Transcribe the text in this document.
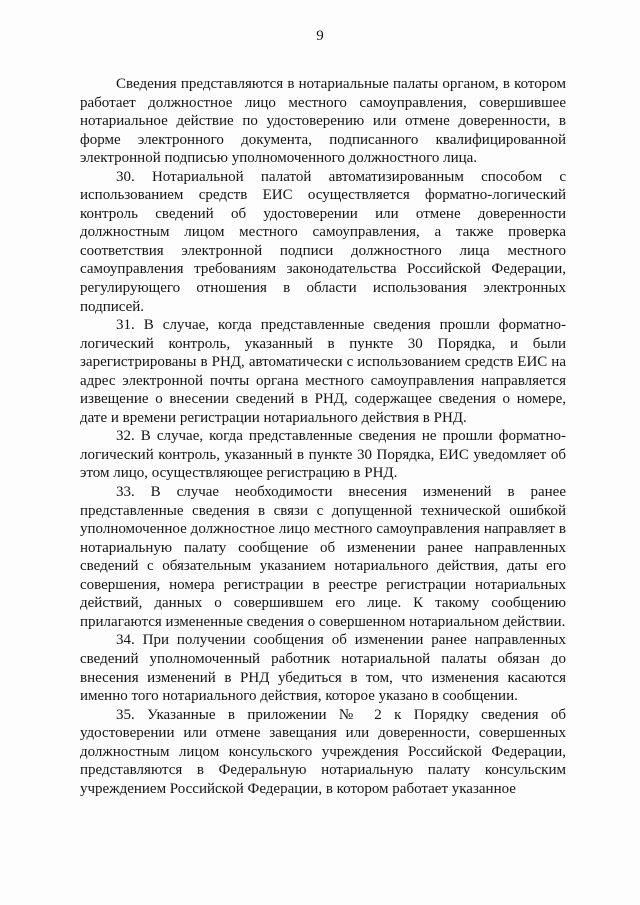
9

Сведения представляются в нотариальные палаты органом, в котором работает должностное лицо местного самоуправления, совершившее нотариальное действие по удостоверению или отмене доверенности, в форме электронного документа, подписанного квалифицированной электронной подписью уполномоченного должностного лица.

30. Нотариальной палатой автоматизированным способом с использованием средств ЕИС осуществляется форматно-логический контроль сведений об удостоверении или отмене доверенности должностным лицом местного самоуправления, а также проверка соответствия электронной подписи должностного лица местного самоуправления требованиям законодательства Российской Федерации, регулирующего отношения в области использования электронных подписей.

31. В случае, когда представленные сведения прошли форматно-логический контроль, указанный в пункте 30 Порядка, и были зарегистрированы в РНД, автоматически с использованием средств ЕИС на адрес электронной почты органа местного самоуправления направляется извещение о внесении сведений в РНД, содержащее сведения о номере, дате и времени регистрации нотариального действия в РНД.

32. В случае, когда представленные сведения не прошли форматно-логический контроль, указанный в пункте 30 Порядка, ЕИС уведомляет об этом лицо, осуществляющее регистрацию в РНД.

33. В случае необходимости внесения изменений в ранее представленные сведения в связи с допущенной технической ошибкой уполномоченное должностное лицо местного самоуправления направляет в нотариальную палату сообщение об изменении ранее направленных сведений с обязательным указанием нотариального действия, даты его совершения, номера регистрации в реестре регистрации нотариальных действий, данных о совершившем его лице. К такому сообщению прилагаются измененные сведения о совершенном нотариальном действии.

34. При получении сообщения об изменении ранее направленных сведений уполномоченный работник нотариальной палаты обязан до внесения изменений в РНД убедиться в том, что изменения касаются именно того нотариального действия, которое указано в сообщении.

35. Указанные в приложении № 2 к Порядку сведения об удостоверении или отмене завещания или доверенности, совершенных должностным лицом консульского учреждения Российской Федерации, представляются в Федеральную нотариальную палату консульским учреждением Российской Федерации, в котором работает указанное
